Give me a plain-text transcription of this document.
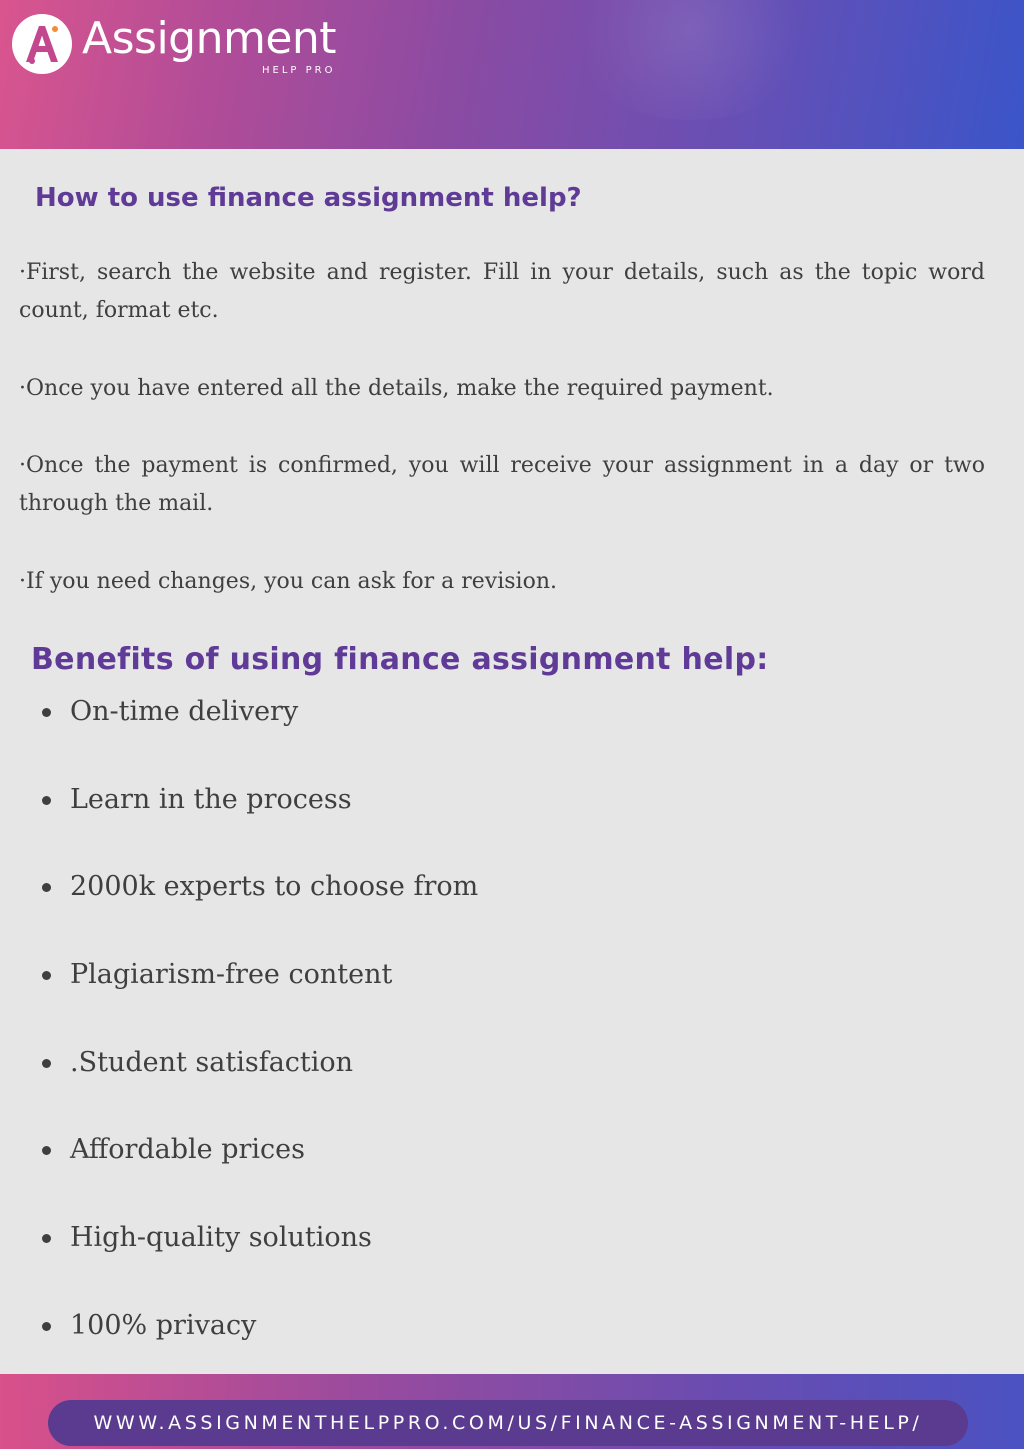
Assignment
HELP PRO
How to use finance assignment help?

·First, search the website and register. Fill in your details, such as the topic word count, format etc.

·Once you have entered all the details, make the required payment.

·Once the payment is confirmed, you will receive your assignment in a day or two through the mail.

·If you need changes, you can ask for a revision.

Benefits of using finance assignment help:
On-time delivery
Learn in the process
2000k experts to choose from
Plagiarism-free content
.Student satisfaction
Affordable prices
High-quality solutions
100% privacy
WWW.ASSIGNMENTHELPPRO.COM/US/FINANCE-ASSIGNMENT-HELP/
